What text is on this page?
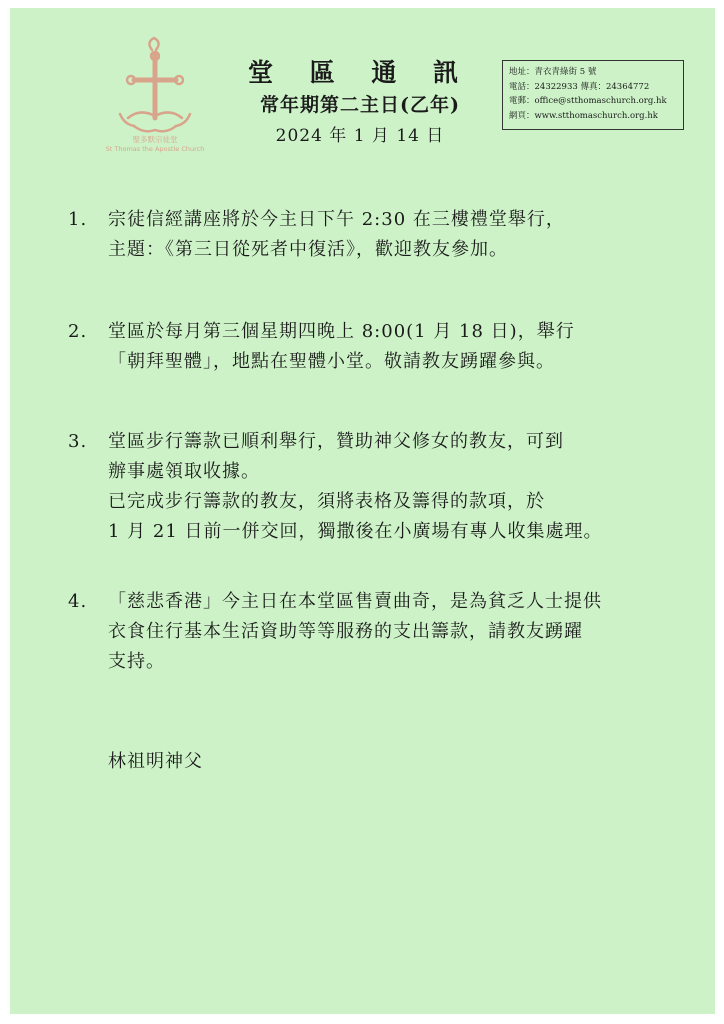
聖多默宗徒堂
St Thomas the Apostle Church
堂 區 通 訊
常年期第二主日(乙年)
2024 年 1 月 14 日
地址：青衣青綠街 5 號
電話：24322933 傳真：24364772
電郵：office@stthomaschurch.org.hk
網頁：www.stthomaschurch.org.hk
1. 宗徒信經講座將於今主日下午 2:30 在三樓禮堂舉行，
主題：《第三日從死者中復活》，歡迎教友參加。
2. 堂區於每月第三個星期四晚上 8:00(1 月 18 日)，舉行
「朝拜聖體」，地點在聖體小堂。敬請教友踴躍參與。
3. 堂區步行籌款已順利舉行，贊助神父修女的教友，可到
辦事處領取收據。
已完成步行籌款的教友，須將表格及籌得的款項，於
1 月 21 日前一併交回，獨撒後在小廣場有專人收集處理。
4. 「慈悲香港」今主日在本堂區售賣曲奇，是為貧乏人士提供
衣食住行基本生活資助等等服務的支出籌款，請教友踴躍
支持。
林祖明神父
